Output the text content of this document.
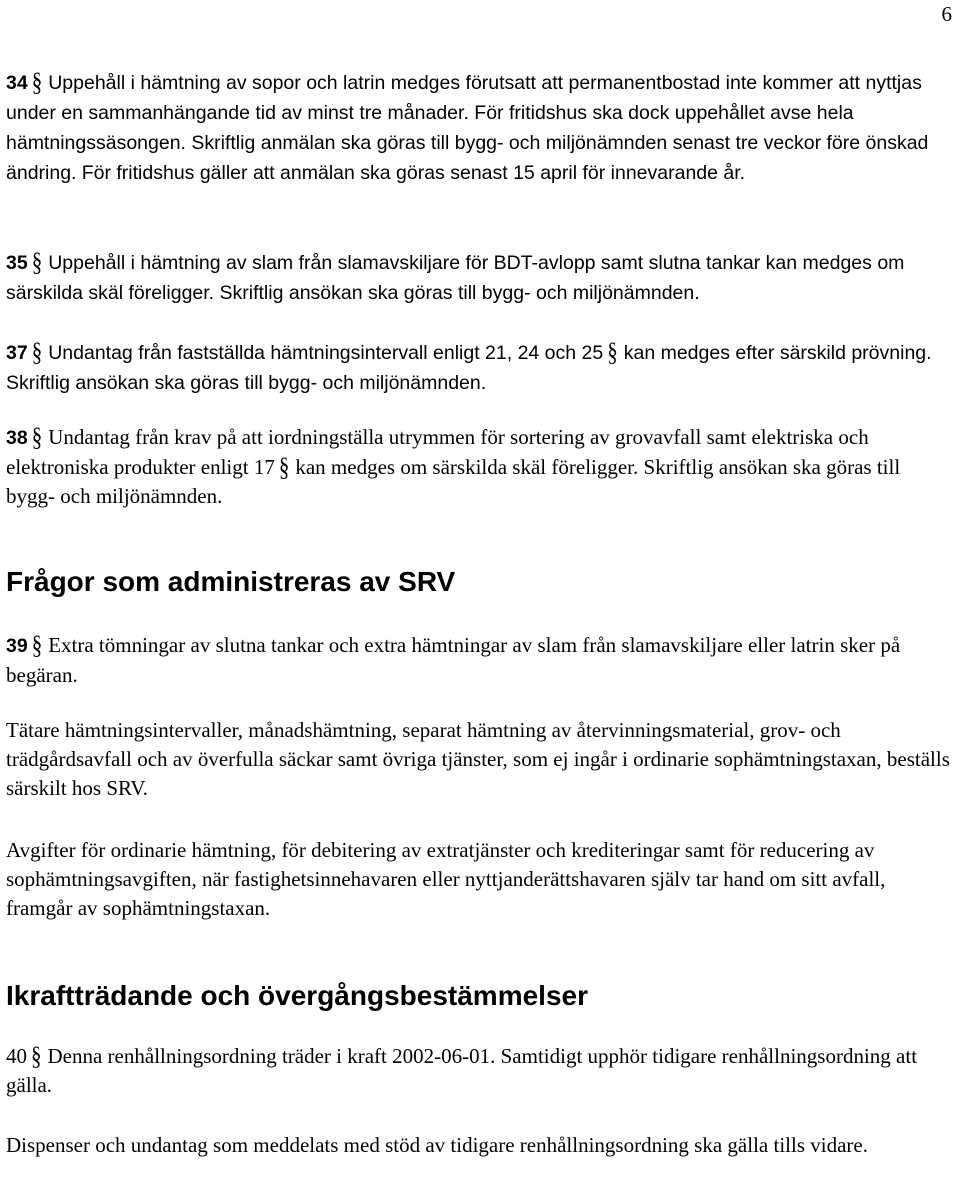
6

34 § Uppehåll i hämtning av sopor och latrin medges förutsatt att permanentbostad inte kommer att nyttjas under en sammanhängande tid av minst tre månader. För fritidshus ska dock uppehållet avse hela hämtningssäsongen. Skriftlig anmälan ska göras till bygg- och miljönämnden senast tre veckor före önskad ändring. För fritidshus gäller att anmälan ska göras senast 15 april för innevarande år.

35 § Uppehåll i hämtning av slam från slamavskiljare för BDT-avlopp samt slutna tankar kan medges om särskilda skäl föreligger. Skriftlig ansökan ska göras till bygg- och miljönämnden.

37 § Undantag från fastställda hämtningsintervall enligt 21, 24 och 25 § kan medges efter särskild prövning. Skriftlig ansökan ska göras till bygg- och miljönämnden.

38 § Undantag från krav på att iordningställa utrymmen för sortering av grovavfall samt elektriska och elektroniska produkter enligt 17 § kan medges om särskilda skäl föreligger. Skriftlig ansökan ska göras till bygg- och miljönämnden.

Frågor som administreras av SRV

39 § Extra tömningar av slutna tankar och extra hämtningar av slam från slamavskiljare eller latrin sker på begäran.

Tätare hämtningsintervaller, månadshämtning, separat hämtning av återvinningsmaterial, grov- och trädgårdsavfall och av överfulla säckar samt övriga tjänster, som ej ingår i ordinarie sophämtningstaxan, beställs särskilt hos SRV.

Avgifter för ordinarie hämtning, för debitering av extratjänster och krediteringar samt för reducering av sophämtningsavgiften, när fastighetsinnehavaren eller nyttjanderättshavaren själv tar hand om sitt avfall, framgår av sophämtningstaxan.

Ikraftträdande och övergångsbestämmelser

40 § Denna renhållningsordning träder i kraft 2002-06-01. Samtidigt upphör tidigare renhållningsordning att gälla.

Dispenser och undantag som meddelats med stöd av tidigare renhållningsordning ska gälla tills vidare.
